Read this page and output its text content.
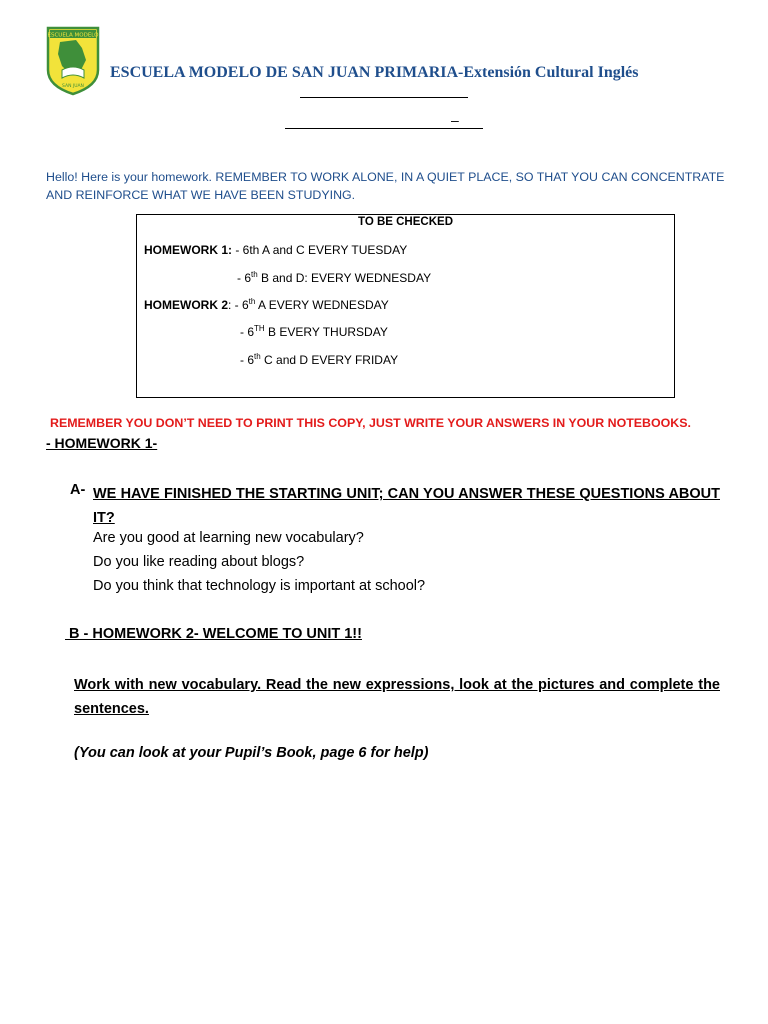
ESCUELA MODELO
SAN JUAN
ESCUELA MODELO DE SAN JUAN PRIMARIA-Extensión Cultural Inglés
–
Hello! Here is your homework. REMEMBER TO WORK ALONE, IN A QUIET PLACE, SO THAT YOU CAN CONCENTRATE AND REINFORCE WHAT WE HAVE BEEN STUDYING.
TO BE CHECKED
HOMEWORK 1: - 6th A and C EVERY TUESDAY
- 6th B and D: EVERY WEDNESDAY
HOMEWORK 2: - 6th A EVERY WEDNESDAY
- 6TH B EVERY THURSDAY
- 6th C and D EVERY FRIDAY
REMEMBER YOU DON’T NEED TO PRINT THIS COPY, JUST WRITE YOUR ANSWERS IN YOUR NOTEBOOKS.
- HOMEWORK 1-
A- WE HAVE FINISHED THE STARTING UNIT; CAN YOU ANSWER THESE QUESTIONS ABOUT IT?
Are you good at learning new vocabulary?
Do you like reading about blogs?
Do you think that technology is important at school?
B - HOMEWORK 2- WELCOME TO UNIT 1!!
Work with new vocabulary. Read the new expressions, look at the pictures and complete the sentences.
(You can look at your Pupil’s Book, page 6 for help)
